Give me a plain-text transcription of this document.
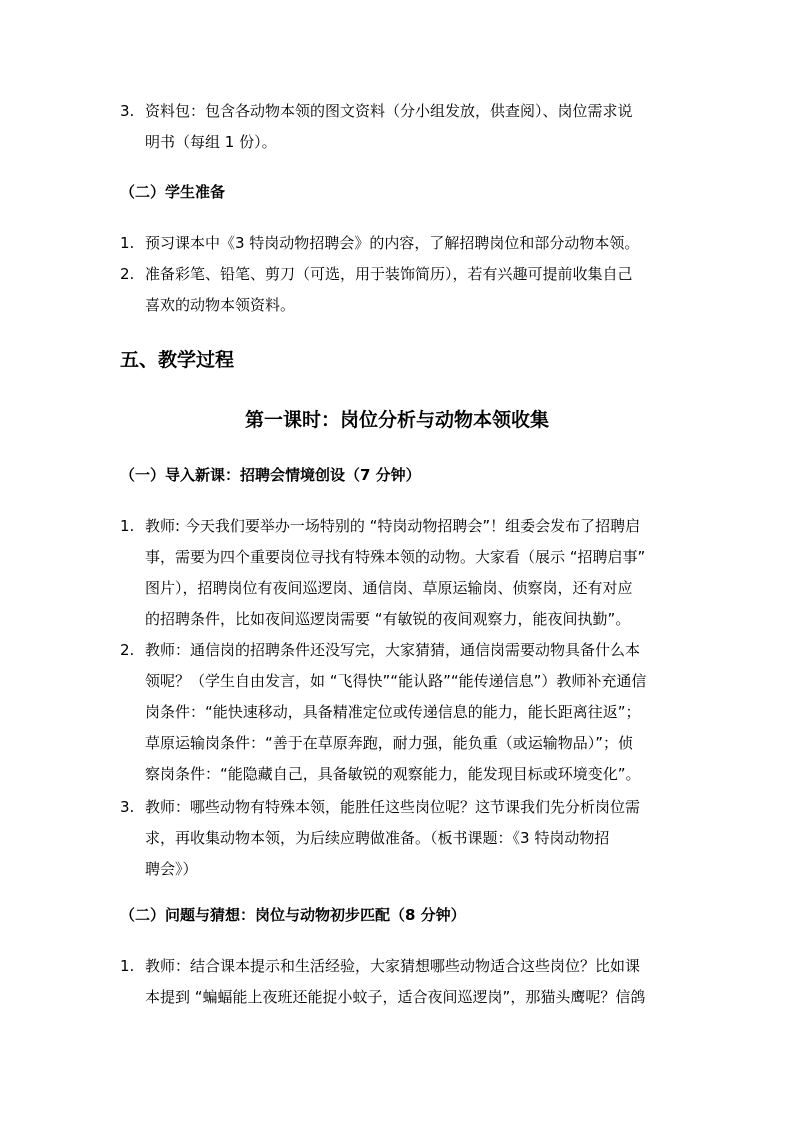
3. 资料包：包含各动物本领的图文资料（分小组发放，供查阅）、岗位需求说
明书（每组 1 份）。
（二）学生准备
1. 预习课本中《3 特岗动物招聘会》的内容，了解招聘岗位和部分动物本领。
2. 准备彩笔、铅笔、剪刀（可选，用于装饰简历），若有兴趣可提前收集自己
喜欢的动物本领资料。
五、教学过程
第一课时：岗位分析与动物本领收集
（一）导入新课：招聘会情境创设（7 分钟）
1. 教师: 今天我们要举办一场特别的 “特岗动物招聘会”！组委会发布了招聘启
事，需要为四个重要岗位寻找有特殊本领的动物。大家看（展示 “招聘启事”
图片），招聘岗位有夜间巡逻岗、通信岗、草原运输岗、侦察岗，还有对应
的招聘条件，比如夜间巡逻岗需要 “有敏锐的夜间观察力，能夜间执勤”。
2. 教师：通信岗的招聘条件还没写完，大家猜猜，通信岗需要动物具备什么本
领呢？（学生自由发言，如 “飞得快”“能认路”“能传递信息”）教师补充通信
岗条件：“能快速移动，具备精准定位或传递信息的能力，能长距离往返”；
草原运输岗条件：“善于在草原奔跑，耐力强，能负重（或运输物品）”；侦
察岗条件：“能隐藏自己，具备敏锐的观察能力，能发现目标或环境变化”。
3. 教师：哪些动物有特殊本领，能胜任这些岗位呢？这节课我们先分析岗位需
求，再收集动物本领，为后续应聘做准备。（板书课题：《3 特岗动物招
聘会》）
（二）问题与猜想：岗位与动物初步匹配（8 分钟）
1. 教师：结合课本提示和生活经验，大家猜想哪些动物适合这些岗位？比如课
本提到 “蝙蝠能上夜班还能捉小蚊子，适合夜间巡逻岗”，那猫头鹰呢？信鸽
